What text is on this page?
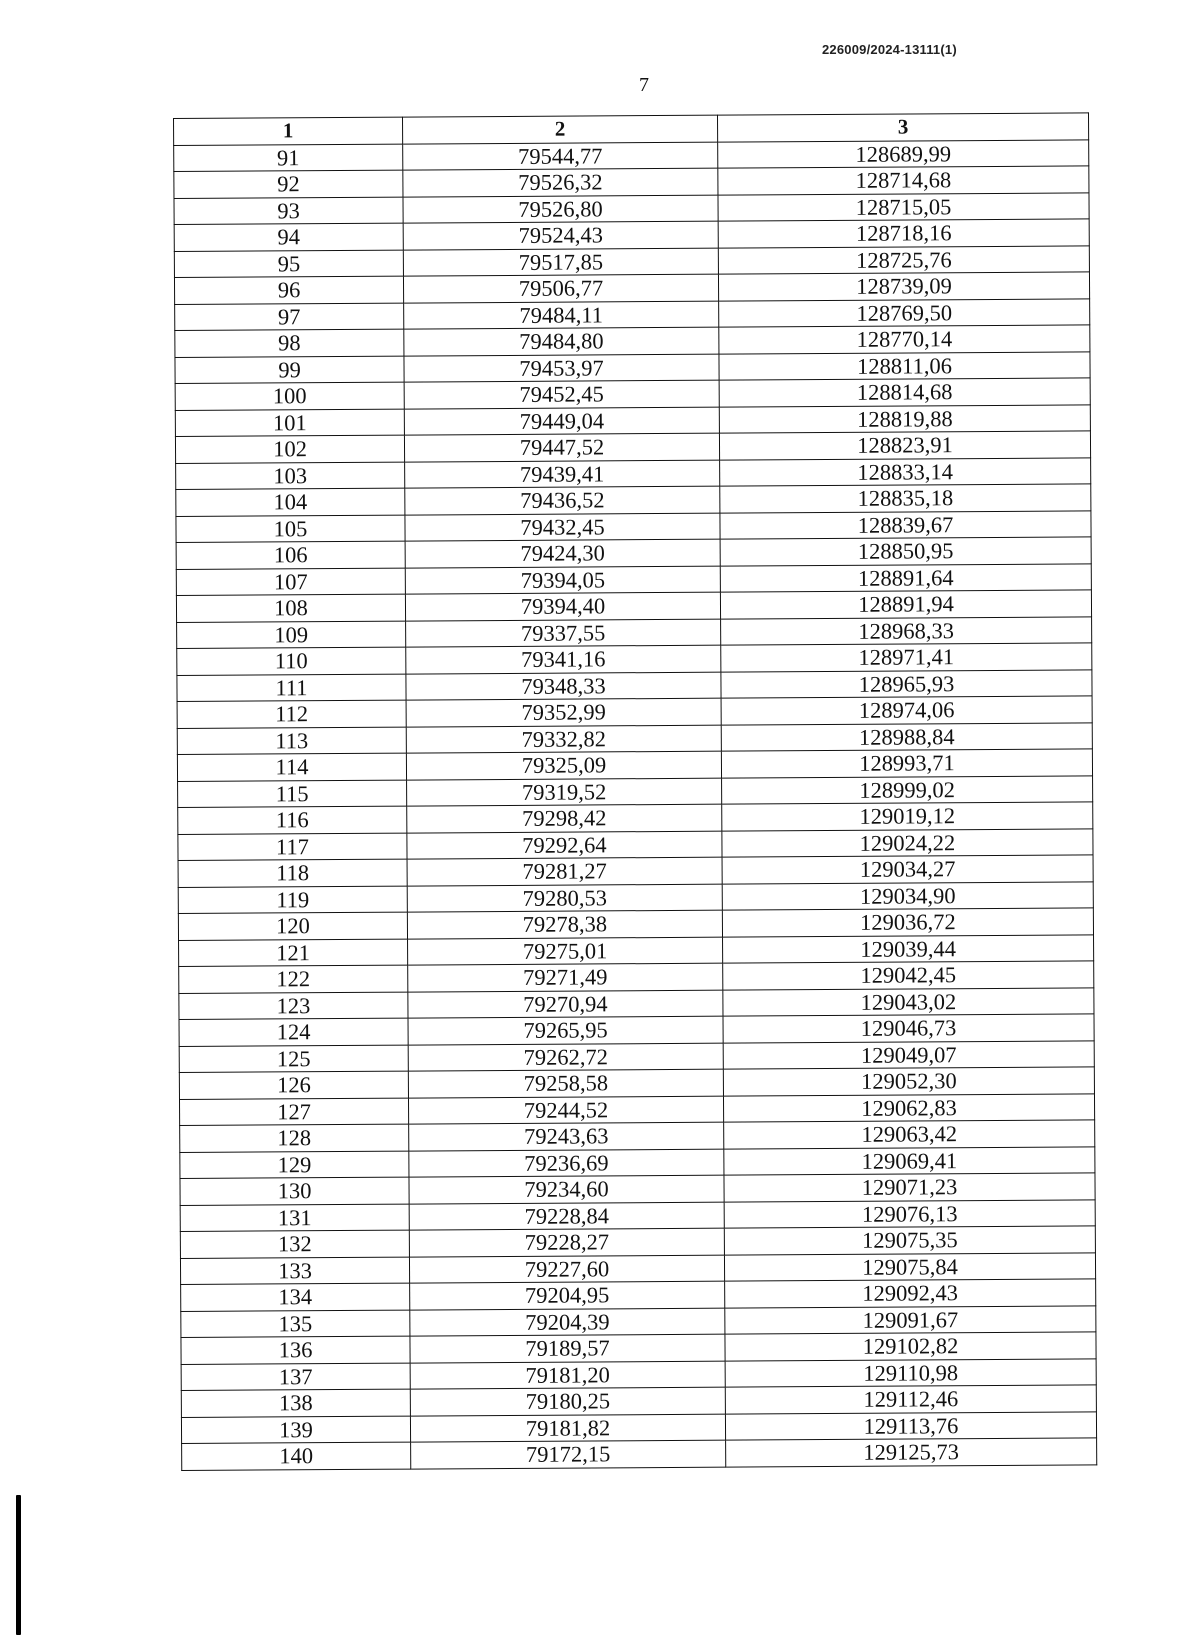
226009/2024-13111(1)
7
1	2	3
91	79544,77	128689,99
92	79526,32	128714,68
93	79526,80	128715,05
94	79524,43	128718,16
95	79517,85	128725,76
96	79506,77	128739,09
97	79484,11	128769,50
98	79484,80	128770,14
99	79453,97	128811,06
100	79452,45	128814,68
101	79449,04	128819,88
102	79447,52	128823,91
103	79439,41	128833,14
104	79436,52	128835,18
105	79432,45	128839,67
106	79424,30	128850,95
107	79394,05	128891,64
108	79394,40	128891,94
109	79337,55	128968,33
110	79341,16	128971,41
111	79348,33	128965,93
112	79352,99	128974,06
113	79332,82	128988,84
114	79325,09	128993,71
115	79319,52	128999,02
116	79298,42	129019,12
117	79292,64	129024,22
118	79281,27	129034,27
119	79280,53	129034,90
120	79278,38	129036,72
121	79275,01	129039,44
122	79271,49	129042,45
123	79270,94	129043,02
124	79265,95	129046,73
125	79262,72	129049,07
126	79258,58	129052,30
127	79244,52	129062,83
128	79243,63	129063,42
129	79236,69	129069,41
130	79234,60	129071,23
131	79228,84	129076,13
132	79228,27	129075,35
133	79227,60	129075,84
134	79204,95	129092,43
135	79204,39	129091,67
136	79189,57	129102,82
137	79181,20	129110,98
138	79180,25	129112,46
139	79181,82	129113,76
140	79172,15	129125,73
